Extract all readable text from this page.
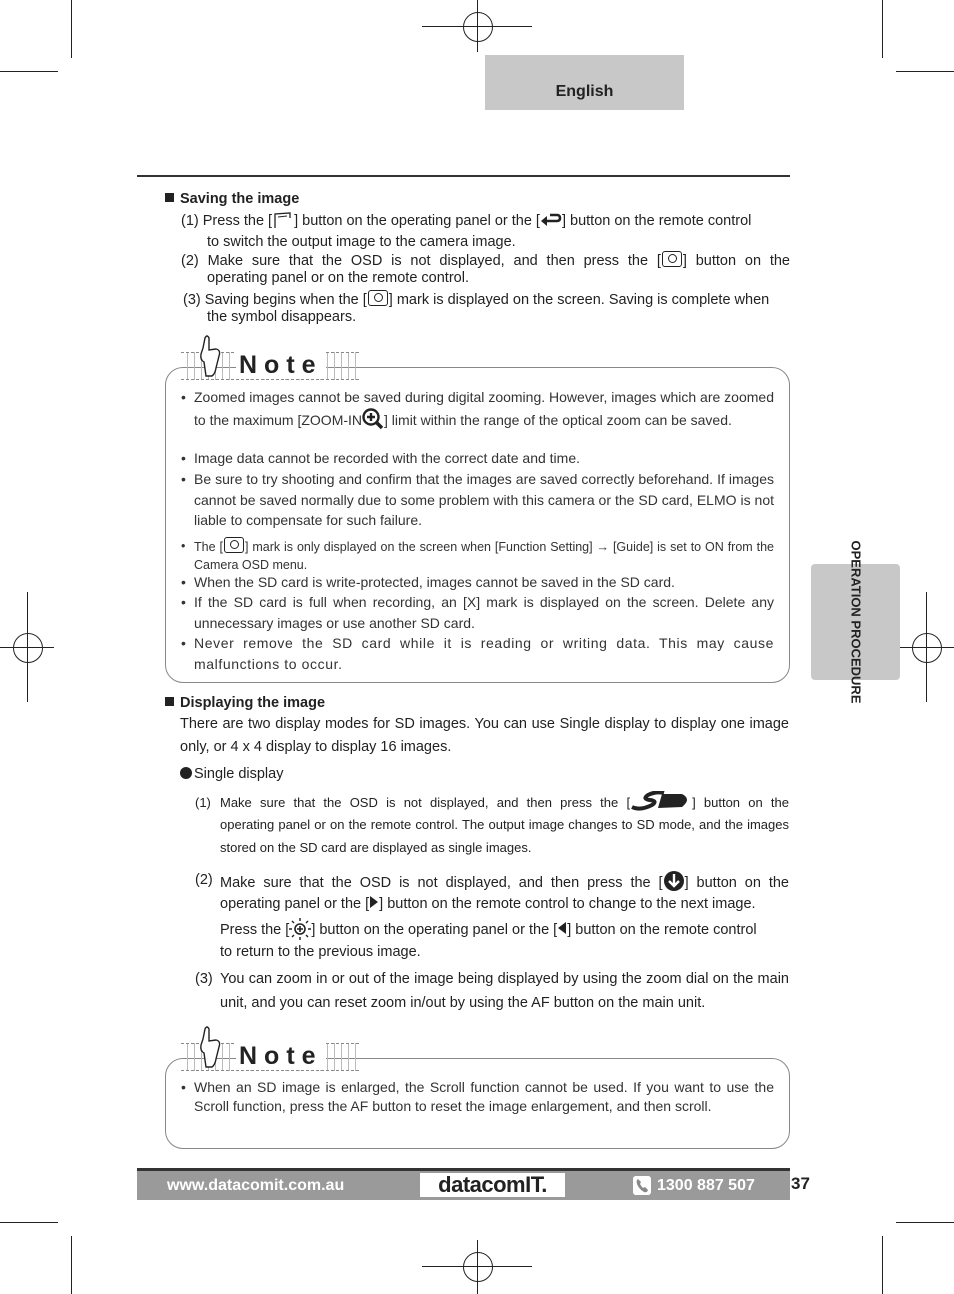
English
OPERATION PROCEDURE
Saving the image
(1) Press the [ ] button on the operating panel or the [ ] button on the remote control
to switch the output image to the camera image.
(2) Make sure that the OSD is not displayed, and then press the [ ] button on the
operating panel or on the remote control.
(3) Saving begins when the [ ] mark is displayed on the screen. Saving is complete when
the symbol disappears.
Note
• Zoomed images cannot be saved during digital zooming. However, images which are zoomed to the maximum [ZOOM-IN ] limit within the range of the optical zoom can be saved.
• Image data cannot be recorded with the correct date and time.
• Be sure to try shooting and confirm that the images are saved correctly beforehand. If images cannot be saved normally due to some problem with this camera or the SD card, ELMO is not liable to compensate for such failure.
• The [ ] mark is only displayed on the screen when [Function Setting] → [Guide] is set to ON from the Camera OSD menu.
• When the SD card is write-protected, images cannot be saved in the SD card.
• If the SD card is full when recording, an [X] mark is displayed on the screen. Delete any unnecessary images or use another SD card.
• Never remove the SD card while it is reading or writing data. This may cause malfunctions to occur.
Displaying the image
There are two display modes for SD images. You can use Single display to display one image only, or 4 x 4 display to display 16 images.
Single display
(1) Make sure that the OSD is not displayed, and then press the [	] button on the
operating panel or on the remote control. The output image changes to SD mode, and the images stored on the SD card are displayed as single images.
(2) Make sure that the OSD is not displayed, and then press the [ ] button on the
operating panel or the [ ] button on the remote control to change to the next image.
Press the [ ] button on the operating panel or the [ ] button on the remote control
to return to the previous image.
(3) You can zoom in or out of the image being displayed by using the zoom dial on the main unit, and you can reset zoom in/out by using the AF button on the main unit.
Note
• When an SD image is enlarged, the Scroll function cannot be used. If you want to use the Scroll function, press the AF button to reset the image enlargement, and then scroll.
www.datacomit.com.au	datacomIT.	1300 887 507 37
